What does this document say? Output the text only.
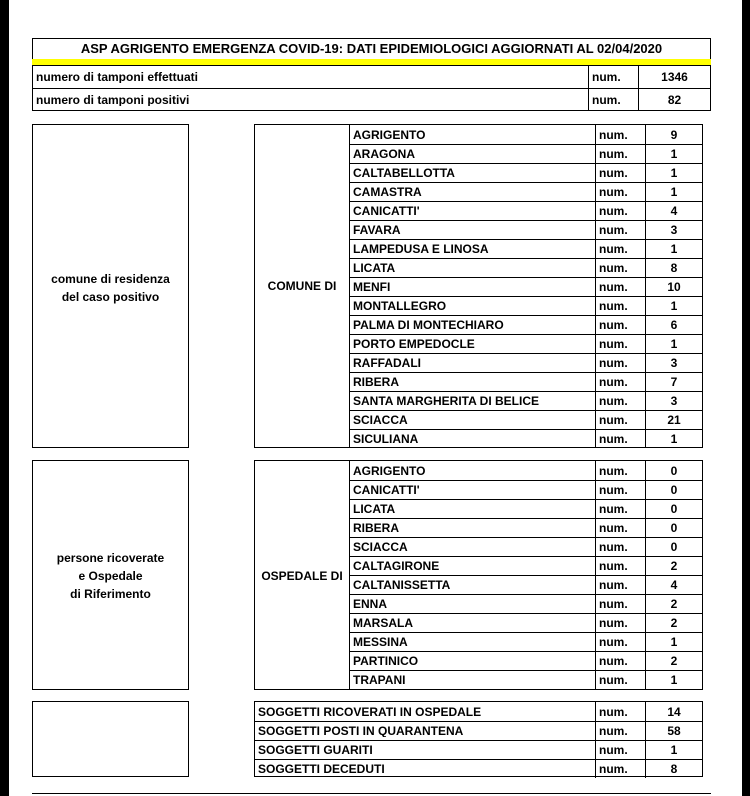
ASP AGRIGENTO EMERGENZA COVID-19: DATI EPIDEMIOLOGICI AGGIORNATI AL 02/04/2020
numero di tamponi effettuati	num.	1346
numero di tamponi positivi	num.	82
comune di residenza
del caso positivo
COMUNE DI
AGRIGENTO	num.	9
ARAGONA	num.	1
CALTABELLOTTA	num.	1
CAMASTRA	num.	1
CANICATTI'	num.	4
FAVARA	num.	3
LAMPEDUSA E LINOSA	num.	1
LICATA	num.	8
MENFI	num.	10
MONTALLEGRO	num.	1
PALMA DI MONTECHIARO	num.	6
PORTO EMPEDOCLE	num.	1
RAFFADALI	num.	3
RIBERA	num.	7
SANTA MARGHERITA DI BELICE	num.	3
SCIACCA	num.	21
SICULIANA	num.	1
persone ricoverate
e Ospedale
di Riferimento
OSPEDALE DI
AGRIGENTO	num.	0
CANICATTI'	num.	0
LICATA	num.	0
RIBERA	num.	0
SCIACCA	num.	0
CALTAGIRONE	num.	2
CALTANISSETTA	num.	4
ENNA	num.	2
MARSALA	num.	2
MESSINA	num.	1
PARTINICO	num.	2
TRAPANI	num.	1
SOGGETTI RICOVERATI IN OSPEDALE	num.	14
SOGGETTI POSTI IN QUARANTENA	num.	58
SOGGETTI GUARITI	num.	1
SOGGETTI DECEDUTI	num.	8
